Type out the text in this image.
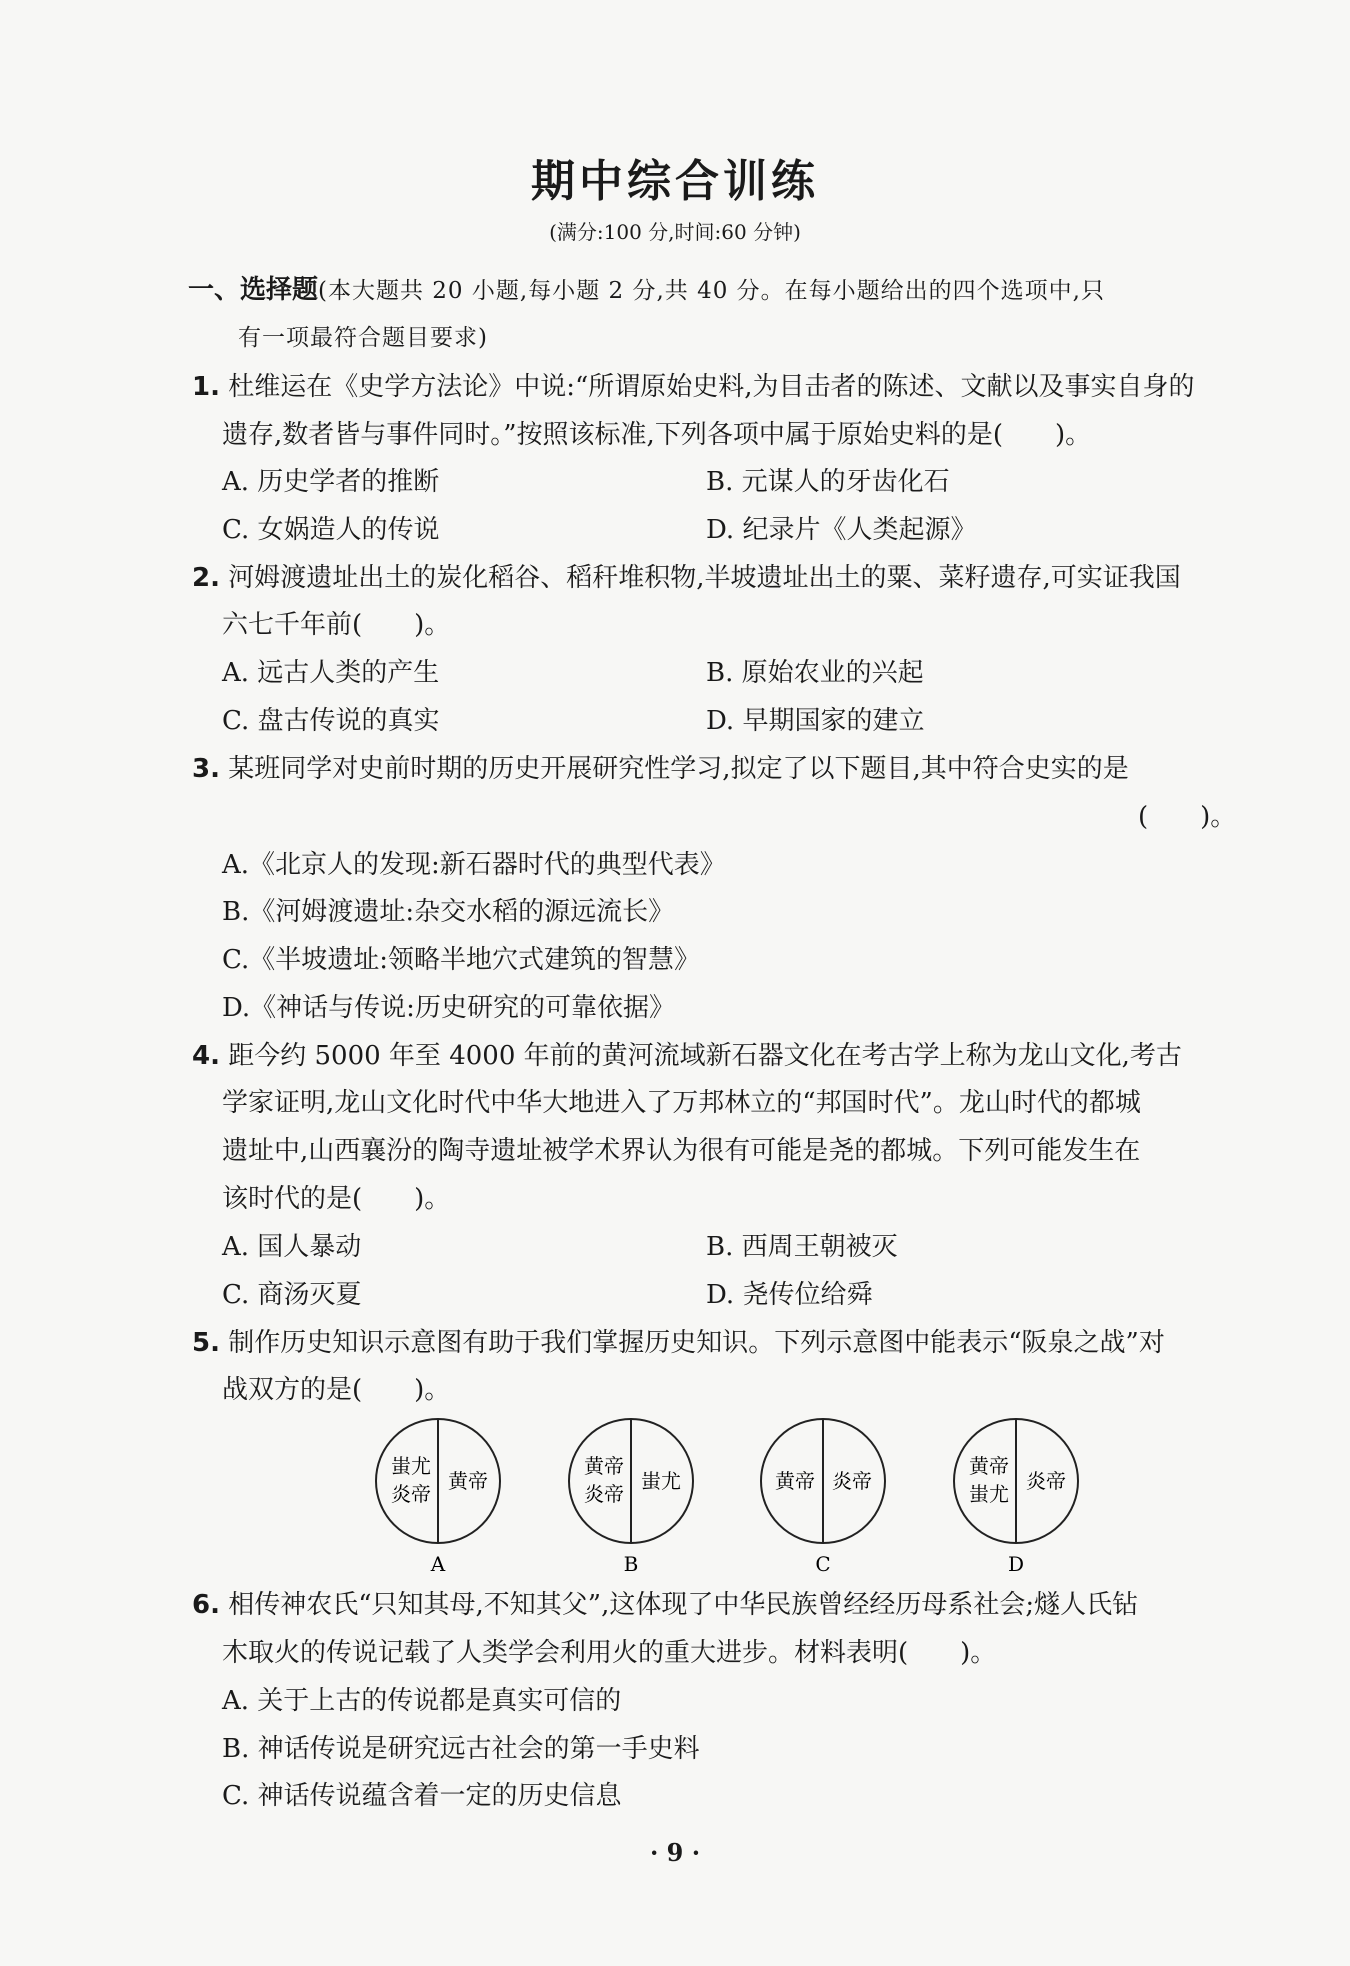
期中综合训练
(满分:100 分,时间:60 分钟)
一、选择题(本大题共 20 小题,每小题 2 分,共 40 分。在每小题给出的四个选项中,只
有一项最符合题目要求)
1. 杜维运在《史学方法论》中说:“所谓原始史料,为目击者的陈述、文献以及事实自身的
遗存,数者皆与事件同时。”按照该标准,下列各项中属于原始史料的是(　　)。
A. 历史学者的推断	B. 元谋人的牙齿化石
C. 女娲造人的传说	D. 纪录片《人类起源》
2. 河姆渡遗址出土的炭化稻谷、稻秆堆积物,半坡遗址出土的粟、菜籽遗存,可实证我国
六七千年前(　　)。
A. 远古人类的产生	B. 原始农业的兴起
C. 盘古传说的真实	D. 早期国家的建立
3. 某班同学对史前时期的历史开展研究性学习,拟定了以下题目,其中符合史实的是
(　　)。
A.《北京人的发现:新石器时代的典型代表》
B.《河姆渡遗址:杂交水稻的源远流长》
C.《半坡遗址:领略半地穴式建筑的智慧》
D.《神话与传说:历史研究的可靠依据》
4. 距今约 5000 年至 4000 年前的黄河流域新石器文化在考古学上称为龙山文化,考古
学家证明,龙山文化时代中华大地进入了万邦林立的“邦国时代”。龙山时代的都城
遗址中,山西襄汾的陶寺遗址被学术界认为很有可能是尧的都城。下列可能发生在
该时代的是(　　)。
A. 国人暴动	B. 西周王朝被灭
C. 商汤灭夏	D. 尧传位给舜
5. 制作历史知识示意图有助于我们掌握历史知识。下列示意图中能表示“阪泉之战”对
战双方的是(　　)。
蚩尤
炎帝
黄帝
A
黄帝
炎帝
蚩尤
B
黄帝 炎帝
C
黄帝
蚩尤
炎帝
D
6. 相传神农氏“只知其母,不知其父”,这体现了中华民族曾经经历母系社会;燧人氏钻
木取火的传说记载了人类学会利用火的重大进步。材料表明(　　)。
A. 关于上古的传说都是真实可信的
B. 神话传说是研究远古社会的第一手史料
C. 神话传说蕴含着一定的历史信息
· 9 ·
